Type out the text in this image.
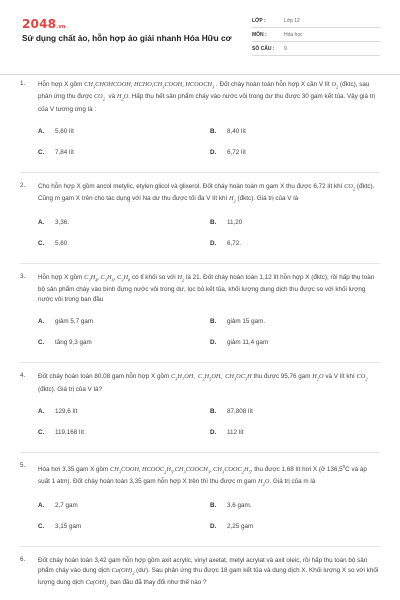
2048.vn
Sử dụng chất ảo, hỗn hợp ảo giải nhanh Hóa Hữu cơ
LỚP :	Lớp 12
MÔN :	Hóa học
SỐ CÂU :	9
1. Hỗn hợp X gồm $CH_3CHOHCOOH$, $HCHO,CH_3COOH$, $HCOOCH_3$ . Đốt cháy hoàn toàn hỗn hợp X cần V lít $O_2$ (đktc), sau phản ứng thu được $CO_2$  và $H_2O$. Hấp thụ hết sản phẩm cháy vào nước vôi trong dư thu được 30 gam kết tủa. Vậy giá trị của V tương ứng là :
A.	5,60 lít	B.	8,40 lít
C.	7,84 lít	D.	6,72 lít
2. Cho hỗn hợp X gồm ancol metylic, etylen glicol và glixerol. Đốt cháy hoàn toàn m gam X thu được 6,72 lít khí $CO_2$ (đktc). Cũng m gam X trên cho tác dụng với Na dư thu được tối đa V lít khí $H_2$ (đktc). Giá trị của V là
A.	3,36.	B.	11,20
C.	5,60	D.	6,72.
3. Hỗn hợp X gồm $C_3H_4$, $C_3H_6$, $C_3H_8$ có tỉ khối so với $H_2$ là 21. Đốt cháy hoàn toàn 1,12 lít hỗn hợp X (đktc), rồi hấp thụ toàn bộ sản phẩm cháy vào bình đựng nước vôi trong dư, lọc bỏ kết tủa, khối lượng dung dịch thu được so với khối lượng nước vôi trong ban đầu
A.	giảm 5,7 gam	B.	giảm 15 gam.
C.	tăng 9,3 gam	D.	giảm 11,4 gam
4. Đốt cháy hoàn toàn 80,08 gam hỗn hợp X gồm $C_3H_7OH$,  $C_2H_5OH$,  $CH_3OC_3H$ thu được 95,76 gam $H_2O$ và V lít khí $CO_2$ (đktc). Giá trị của V là?
A.	129,6 lít	B.	87,808 lít
C.	119,168 lít	D.	112 lít
5.
Hóa hơi 3,35 gam X gồm $CH_3COOH$, $HCOOC_2H_5,CH_3COOCH_3$, $CH_3COOC_2H_5$, thu được 1,68 lít hơi X (ở 136,5$^0$C và áp suất 1 atm). Đốt cháy hoàn toàn 3,35 gam hỗn hợp X trên thì thu được m gam $H_2O$. Giá trị của m là
A.	2,7 gam	B.	3,6 gam.
C.	3,15 gam	D.	2,25 gam
6. Đốt cháy hoàn toàn 3,42 gam hỗn hợp gồm axit acrylic, vinyl axetat, metyl acrylat và axit oleic, rồi hấp thụ toàn bộ sản phẩm cháy vào dung dịch $Ca(OH)_2$ (dư). Sau phản ứng thu được 18 gam kết tủa và dung dịch X. Khối lượng X so với khối lượng dung dịch $Ca(OH)_2$ ban đầu đã thay đổi như thế nào ?
